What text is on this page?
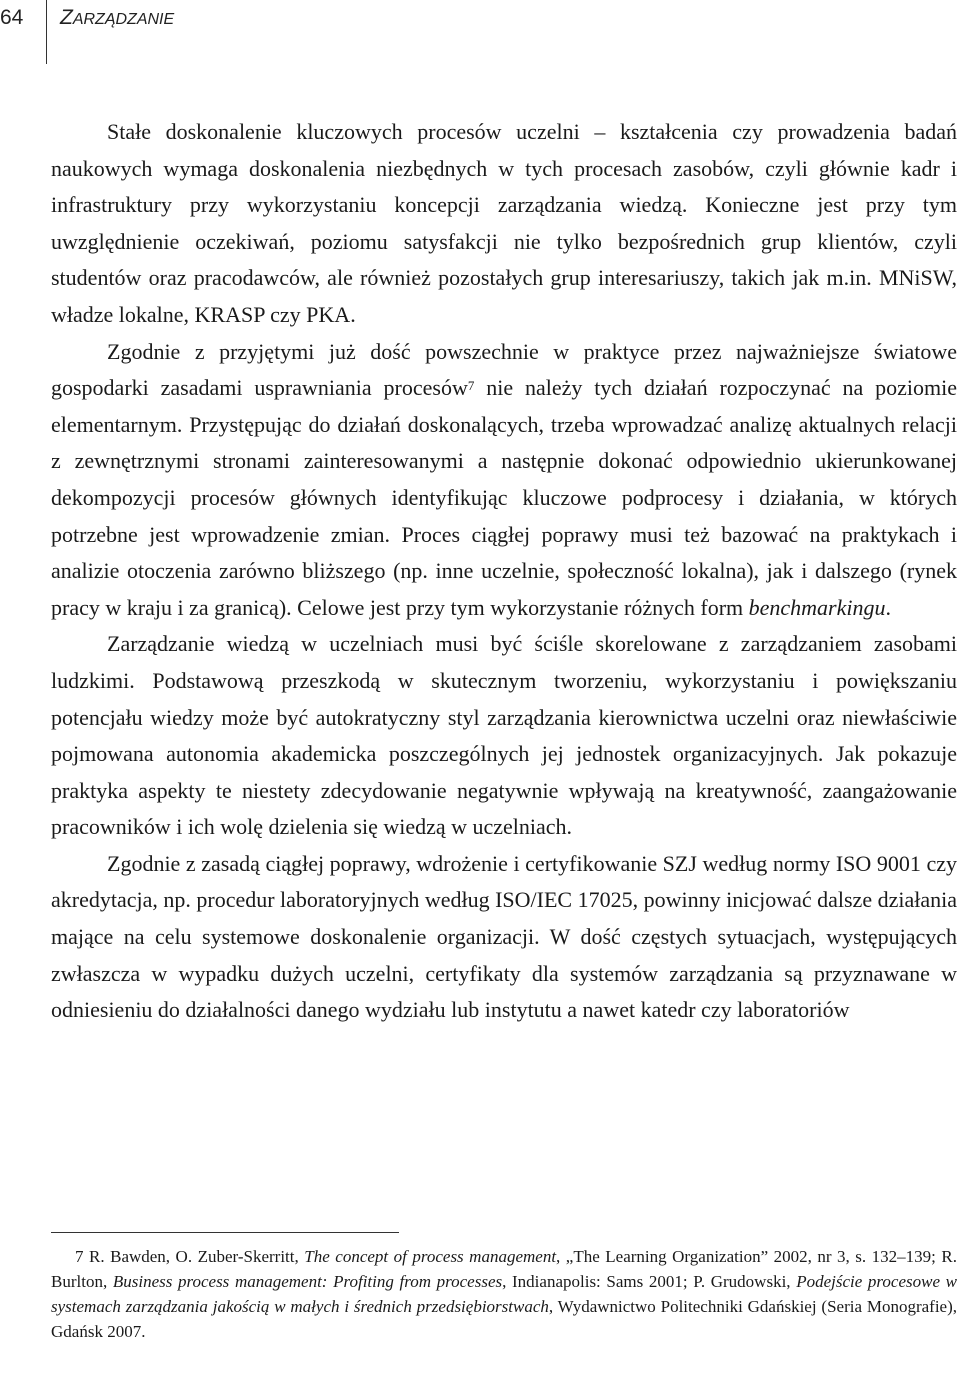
64 ZARZĄDZANIE

Stałe doskonalenie kluczowych procesów uczelni – kształcenia czy prowadzenia badań naukowych wymaga doskonalenia niezbędnych w tych procesach zasobów, czyli głównie kadr i infrastruktury przy wykorzystaniu koncepcji zarządzania wiedzą. Konieczne jest przy tym uwzględnienie oczekiwań, poziomu satysfakcji nie tylko bezpośrednich grup klientów, czyli studentów oraz pracodawców, ale również pozostałych grup interesariuszy, takich jak m.in. MNiSW, władze lokalne, KRASP czy PKA.

Zgodnie z przyjętymi już dość powszechnie w praktyce przez najważniejsze światowe gospodarki zasadami usprawniania procesów$^7$ nie należy tych działań rozpoczynać na poziomie elementarnym. Przystępując do działań doskonalących, trzeba wprowadzać analizę aktualnych relacji z zewnętrznymi stronami zainteresowanymi a następnie dokonać odpowiednio ukierunkowanej dekompozycji procesów głównych identyfikując kluczowe podprocesy i działania, w których potrzebne jest wprowadzenie zmian. Proces ciągłej poprawy musi też bazować na praktykach i analizie otoczenia zarówno bliższego (np. inne uczelnie, społeczność lokalna), jak i dalszego (rynek pracy w kraju i za granicą). Celowe jest przy tym wykorzystanie różnych form benchmarkingu.

Zarządzanie wiedzą w uczelniach musi być ściśle skorelowane z zarządzaniem zasobami ludzkimi. Podstawową przeszkodą w skutecznym tworzeniu, wykorzystaniu i powiększaniu potencjału wiedzy może być autokratyczny styl zarządzania kierownictwa uczelni oraz niewłaściwie pojmowana autonomia akademicka poszczególnych jej jednostek organizacyjnych. Jak pokazuje praktyka aspekty te niestety zdecydowanie negatywnie wpływają na kreatywność, zaangażowanie pracowników i ich wolę dzielenia się wiedzą w uczelniach.

Zgodnie z zasadą ciągłej poprawy, wdrożenie i certyfikowanie SZJ według normy ISO 9001 czy akredytacja, np. procedur laboratoryjnych według ISO/IEC 17025, powinny inicjować dalsze działania mające na celu systemowe doskonalenie organizacji. W dość częstych sytuacjach, występujących zwłaszcza w wypadku dużych uczelni, certyfikaty dla systemów zarządzania są przyznawane w odniesieniu do działalności danego wydziału lub instytutu a nawet katedr czy laboratoriów

7 R. Bawden, O. Zuber-Skerritt, The concept of process management, „The Learning Organization” 2002, nr 3, s. 132–139; R. Burlton, Business process management: Profiting from processes, Indianapolis: Sams 2001; P. Grudowski, Podejście procesowe w systemach zarządzania jakością w małych i średnich przedsiębiorstwach, Wydawnictwo Politechniki Gdańskiej (Seria Monografie), Gdańsk 2007.
